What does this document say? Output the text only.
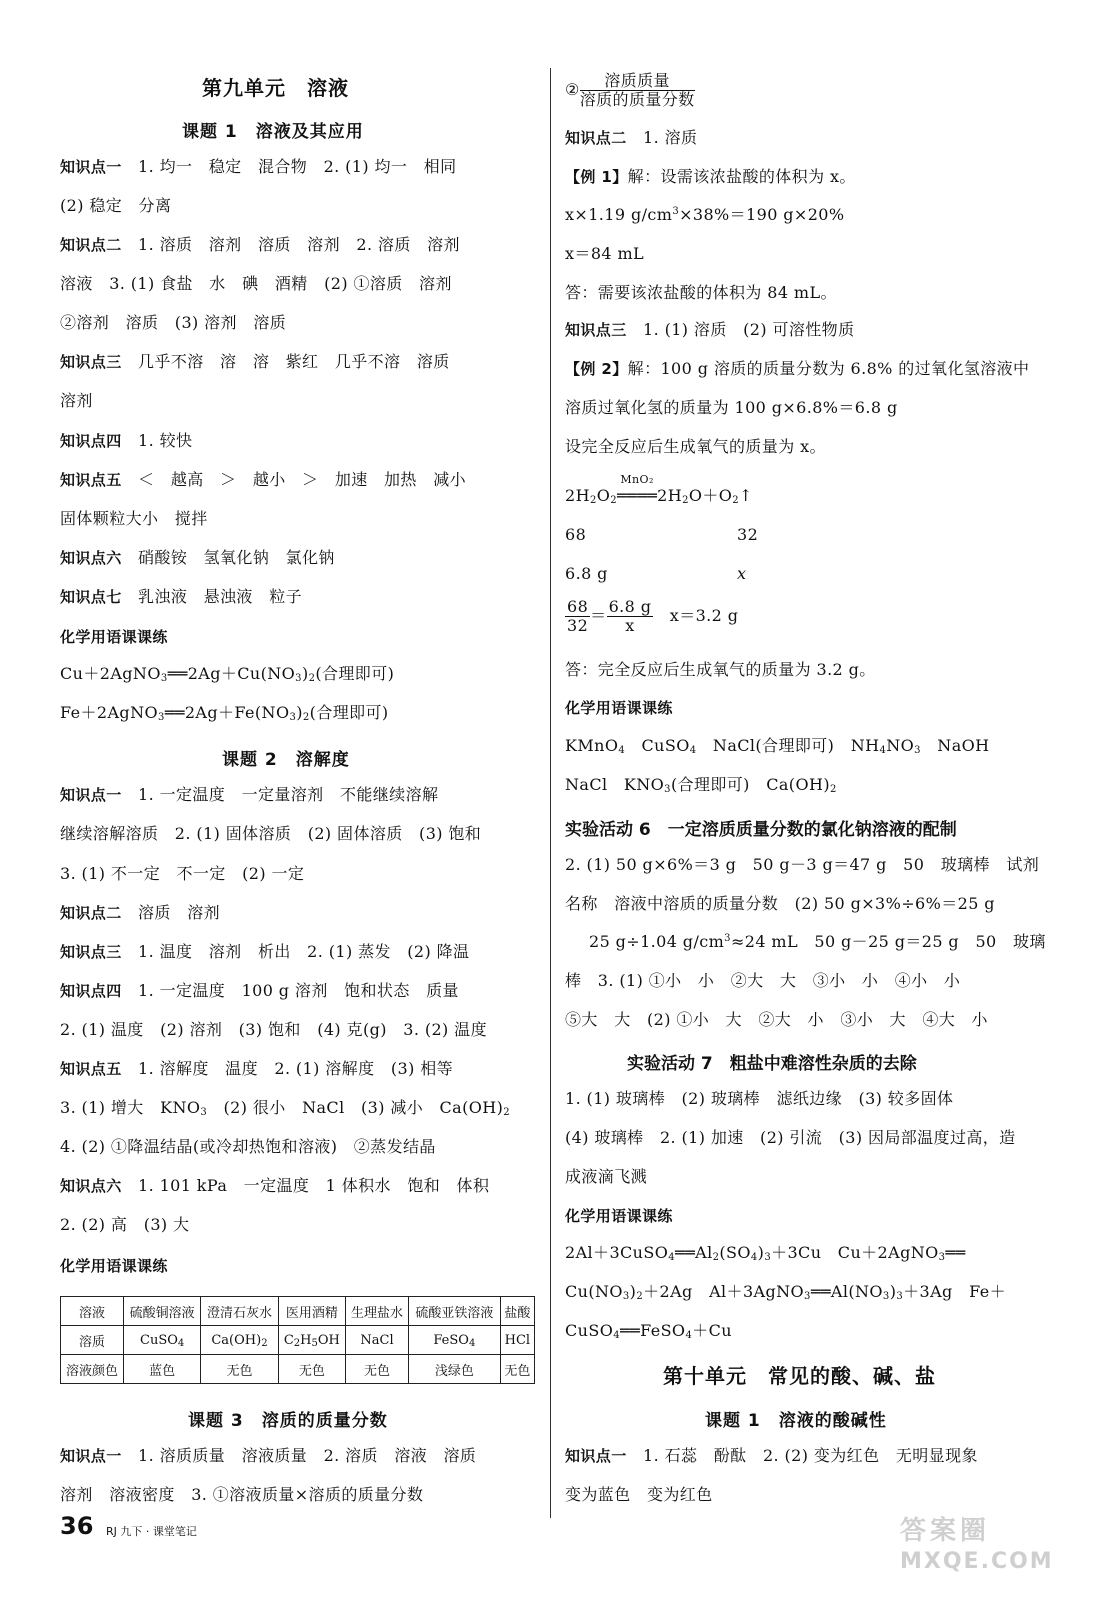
第九单元　溶液
课题 1　溶液及其应用
知识点一　 1. 均一　稳定　混合物　2. (1) 均一　相同
(2) 稳定　分离
知识点二　 1. 溶质　溶剂　溶质　溶剂　2. 溶质　溶剂
溶液　3. (1) 食盐　水　碘　酒精　(2) ①溶质　溶剂
②溶剂　溶质　(3) 溶剂　溶质
知识点三　 几乎不溶　溶　溶　紫红　几乎不溶　溶质
溶剂
知识点四　 1. 较快
知识点五　 ＜　越高　＞　越小　＞　加速　加热　减小
固体颗粒大小　搅拌
知识点六　 硝酸铵　氢氧化钠　氯化钠
知识点七　 乳浊液　悬浊液　粒子
化学用语课课练
$Cu+2AgNO_3══2Ag+Cu(NO_3)_2$(合理即可)
$Fe+2AgNO_3══2Ag+Fe(NO_3)_2$(合理即可)
课题 2　溶解度
知识点一　 1. 一定温度　一定量溶剂　不能继续溶解
继续溶解溶质　2. (1) 固体溶质　(2) 固体溶质　(3) 饱和
3. (1) 不一定　不一定　(2) 一定
知识点二　 溶质　溶剂
知识点三　 1. 温度　溶剂　析出　2. (1) 蒸发　(2) 降温
知识点四　 1. 一定温度　100 g 溶剂　饱和状态　质量
2. (1) 温度　(2) 溶剂　(3) 饱和　(4) 克(g)　3. (2) 温度
知识点五　 1. 溶解度　温度　2. (1) 溶解度　(3) 相等
3. (1) 增大　$KNO_3$　(2) 很小　NaCl　(3) 减小　$Ca(OH)_2$
4. (2) ①降温结晶(或冷却热饱和溶液)　②蒸发结晶
知识点六　 1. 101 kPa　一定温度　1 体积水　饱和　体积
2. (2) 高　(3) 大
化学用语课课练
溶液	硫酸铜溶液	澄清石灰水	医用酒精	生理盐水	硫酸亚铁溶液	盐酸
溶质	CuSO$_4$	$Ca(OH)_2$	$C_2H_5OH$	NaCl	FeSO$_4$	HCl
溶液颜色	蓝色	无色	无色	无色	浅绿色	无色
课题 3　溶质的质量分数
知识点一　 1. 溶质质量　溶液质量　2. 溶质　溶液　溶质
溶剂　溶液密度　3. ①溶液质量×溶质的质量分数
② $\frac{\text{溶质质量}}{\text{溶质的质量分数}}$
知识点二　 1. 溶质
【例 1】解：设需该浓盐酸的体积为 x。
x×1.19 $g/cm^3\times 38\%=190$ g×20%
x＝84 mL
答：需要该浓盐酸的体积为 84 mL。
知识点三　 1. (1) 溶质　(2) 可溶性物质
【例 2】解：100 g 溶质的质量分数为 6.8% 的过氧化氢溶液中
溶质过氧化氢的质量为 100 g×6.8%＝6.8 g
设完全反应后生成氧气的质量为 x。
$2H_2O_2$
MnO₂
$════2H_2O+O_2↑$
68	32
6.8 g	x
$\frac{68}{32} = \frac{6.8 g}{x}$
　 x＝3.2 g
答：完全反应后生成氧气的质量为 3.2 g。
化学用语课课练
KMnO$_4$　CuSO$_4$　NaCl(合理即可)　$NH_4NO_3$　NaOH
NaCl　$KNO_3$(合理即可)　$Ca(OH)_2$
实验活动 6　一定溶质质量分数的氯化钠溶液的配制
2. (1) 50 g×6%＝3 g　50 g－3 g＝47 g　50　玻璃棒　试剂
名称　溶液中溶质的质量分数　(2) 50 g×3%÷6%＝25 g
25 g÷1.04 $g/cm^3\approx 24$ mL　50 g－25 g＝25 g　50　玻璃
棒　3. (1) ①小　小　②大　大　③小　小　④小　小
⑤大　大　(2) ①小　大　②大　小　③小　大　④大　小
实验活动 7　粗盐中难溶性杂质的去除
1. (1) 玻璃棒　(2) 玻璃棒　滤纸边缘　(3) 较多固体
(4) 玻璃棒　2. (1) 加速　(2) 引流　(3) 因局部温度过高，造
成液滴飞溅
化学用语课课练
$2Al+3CuSO_4══Al_2(SO_4)_3+3Cu$　Cu＋2AgNO$_3$══
$Cu(NO_3)_2+2Ag$　$Al+3AgNO_3══Al(NO_3)_3+3Ag$　Fe＋
CuSO$_4$══FeSO$_4$＋Cu
第十单元　常见的酸、碱、盐
课题 1　溶液的酸碱性
知识点一　 1. 石蕊　酚酞　2. (2) 变为红色　无明显现象
变为蓝色　变为红色
36 RJ 九下 · 课堂笔记	答案圈
MXQE.COM
